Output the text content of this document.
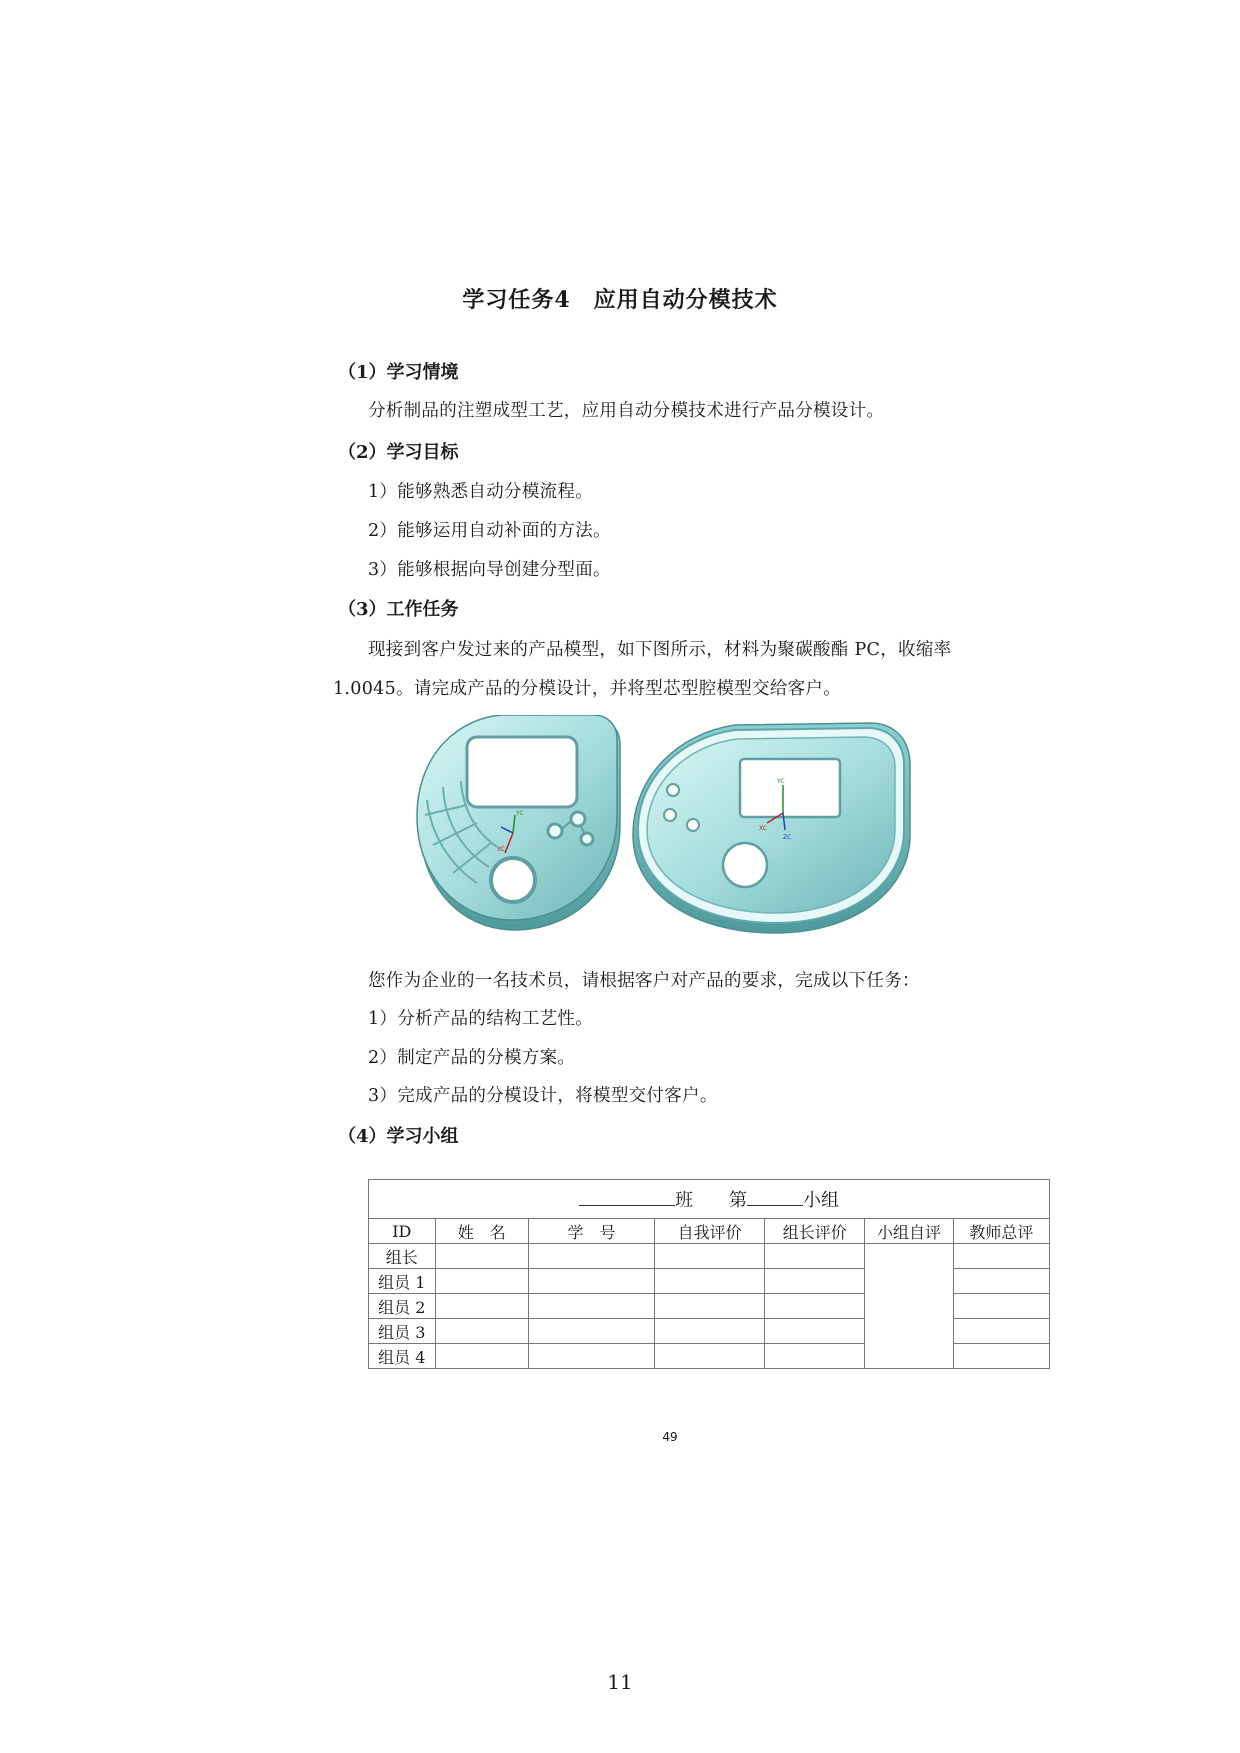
学习任务4　应用自动分模技术
（1）学习情境
分析制品的注塑成型工艺，应用自动分模技术进行产品分模设计。
（2）学习目标
1）能够熟悉自动分模流程。
2）能够运用自动补面的方法。
3）能够根据向导创建分型面。
（3）工作任务
现接到客户发过来的产品模型，如下图所示，材料为聚碳酸酯 PC，收缩率
1.0045。请完成产品的分模设计，并将型芯型腔模型交给客户。
YC
XC
YC
XC
ZC
您作为企业的一名技术员，请根据客户对产品的要求，完成以下任务：
1）分析产品的结构工艺性。
2）制定产品的分模方案。
3）完成产品的分模设计，将模型交付客户。
（4）学习小组
班　　 第 小组						
ID	姓　名	学　号	自我评价	组长评价	小组自评	教师总评
组长						
组员 1						
组员 2						
组员 3						
组员 4						
49
11
